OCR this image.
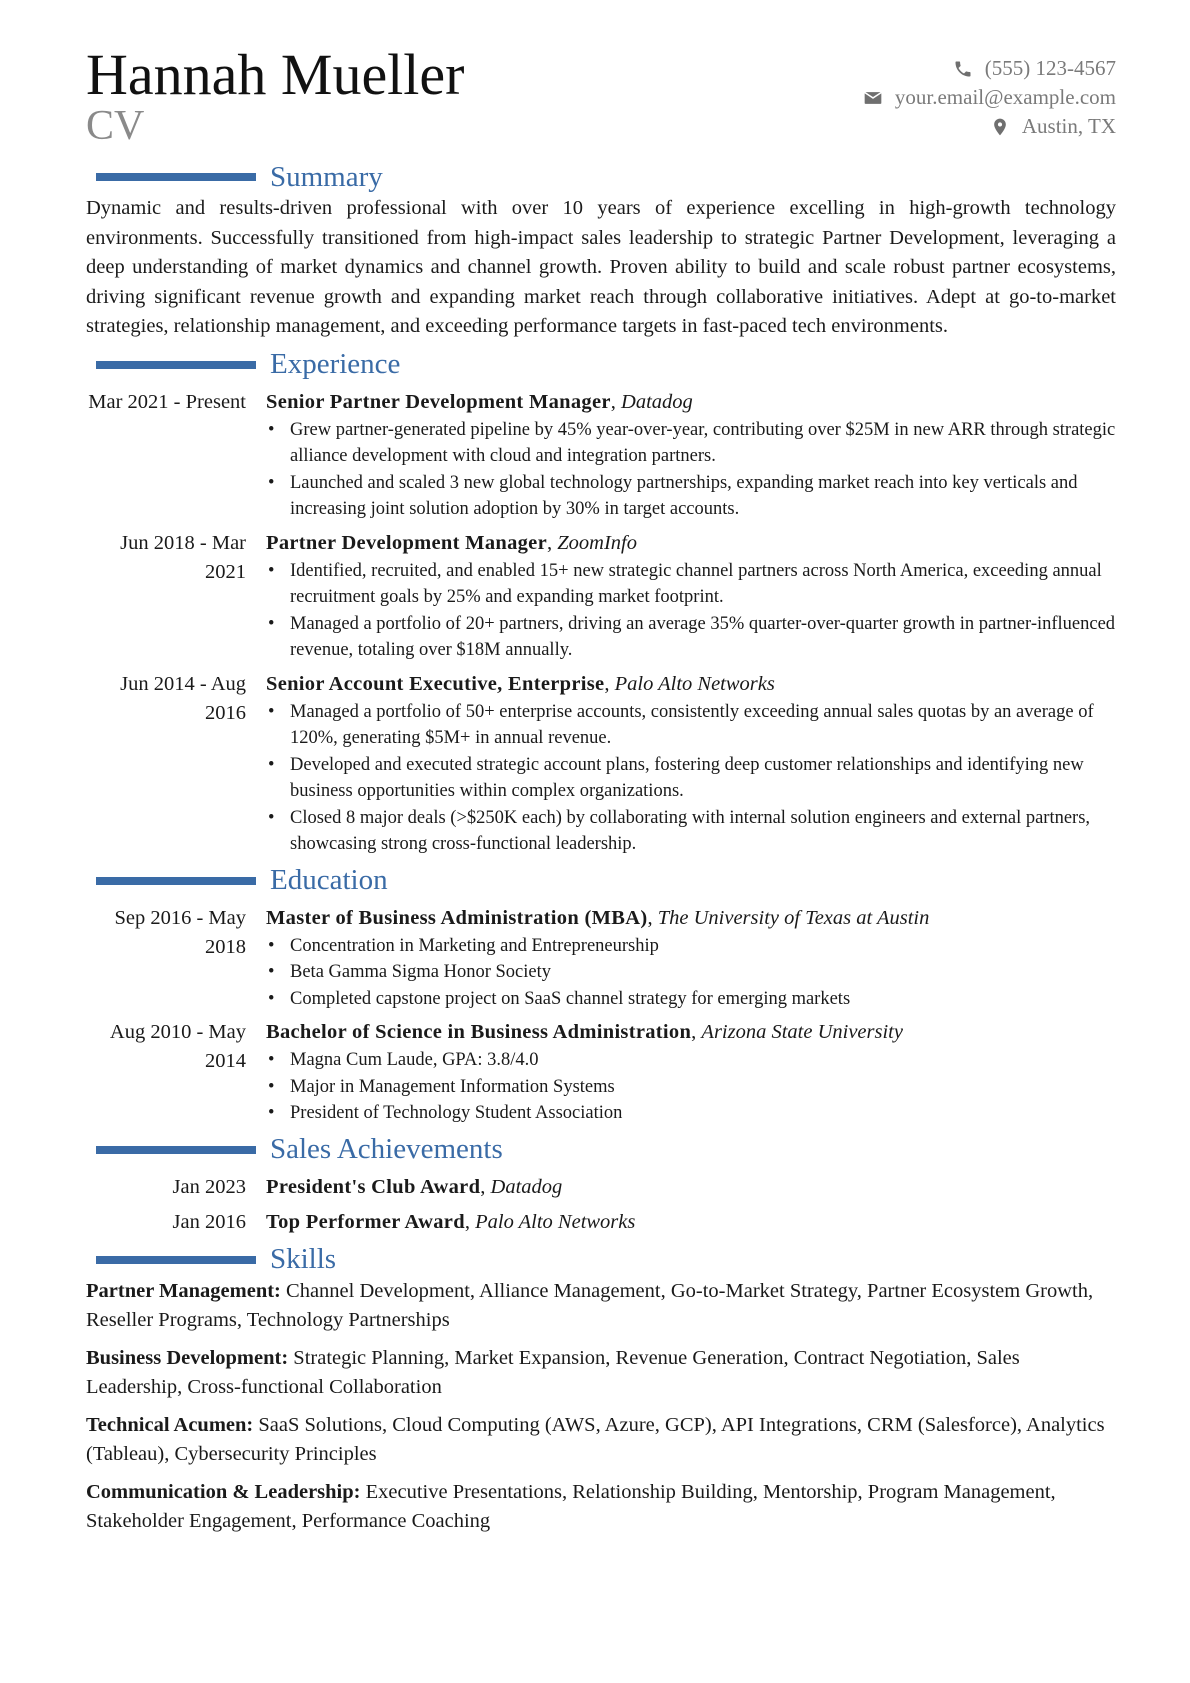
Hannah Mueller
CV
(555) 123-4567
your.email@example.com
Austin, TX
Summary

Dynamic and results-driven professional with over 10 years of experience excelling in high-growth technology environments. Successfully transitioned from high-impact sales leadership to strategic Partner Development, leveraging a deep understanding of market dynamics and channel growth. Proven ability to build and scale robust partner ecosystems, driving significant revenue growth and expanding market reach through collaborative initiatives. Adept at go-to-market strategies, relationship management, and exceeding performance targets in fast-paced tech environments.

Experience
Mar 2021 - Present Senior Partner Development Manager, Datadog
• Grew partner-generated pipeline by 45% year-over-year, contributing over $25M in new ARR through strategic alliance development with cloud and integration partners.
• Launched and scaled 3 new global technology partnerships, expanding market reach into key verticals and increasing joint solution adoption by 30% in target accounts.
Jun 2018 - Mar 2021
Partner Development Manager, ZoomInfo
• Identified, recruited, and enabled 15+ new strategic channel partners across North America, exceeding annual recruitment goals by 25% and expanding market footprint.
• Managed a portfolio of 20+ partners, driving an average 35% quarter-over-quarter growth in partner-influenced revenue, totaling over $18M annually.
Jun 2014 - Aug 2016
Senior Account Executive, Enterprise, Palo Alto Networks
• Managed a portfolio of 50+ enterprise accounts, consistently exceeding annual sales quotas by an average of 120%, generating $5M+ in annual revenue.
• Developed and executed strategic account plans, fostering deep customer relationships and identifying new business opportunities within complex organizations.
• Closed 8 major deals (>$250K each) by collaborating with internal solution engineers and external partners, showcasing strong cross-functional leadership.
Education
Sep 2016 - May 2018
Master of Business Administration (MBA), The University of Texas at Austin
• Concentration in Marketing and Entrepreneurship
• Beta Gamma Sigma Honor Society
• Completed capstone project on SaaS channel strategy for emerging markets
Aug 2010 - May 2014
Bachelor of Science in Business Administration, Arizona State University
• Magna Cum Laude, GPA: 3.8/4.0
• Major in Management Information Systems
• President of Technology Student Association
Sales Achievements
Jan 2023 President's Club Award, Datadog
Jan 2016 Top Performer Award, Palo Alto Networks
Skills

Partner Management: Channel Development, Alliance Management, Go-to-Market Strategy, Partner Ecosystem Growth, Reseller Programs, Technology Partnerships

Business Development: Strategic Planning, Market Expansion, Revenue Generation, Contract Negotiation, Sales Leadership, Cross-functional Collaboration

Technical Acumen: SaaS Solutions, Cloud Computing (AWS, Azure, GCP), API Integrations, CRM (Salesforce), Analytics (Tableau), Cybersecurity Principles

Communication & Leadership: Executive Presentations, Relationship Building, Mentorship, Program Management, Stakeholder Engagement, Performance Coaching
